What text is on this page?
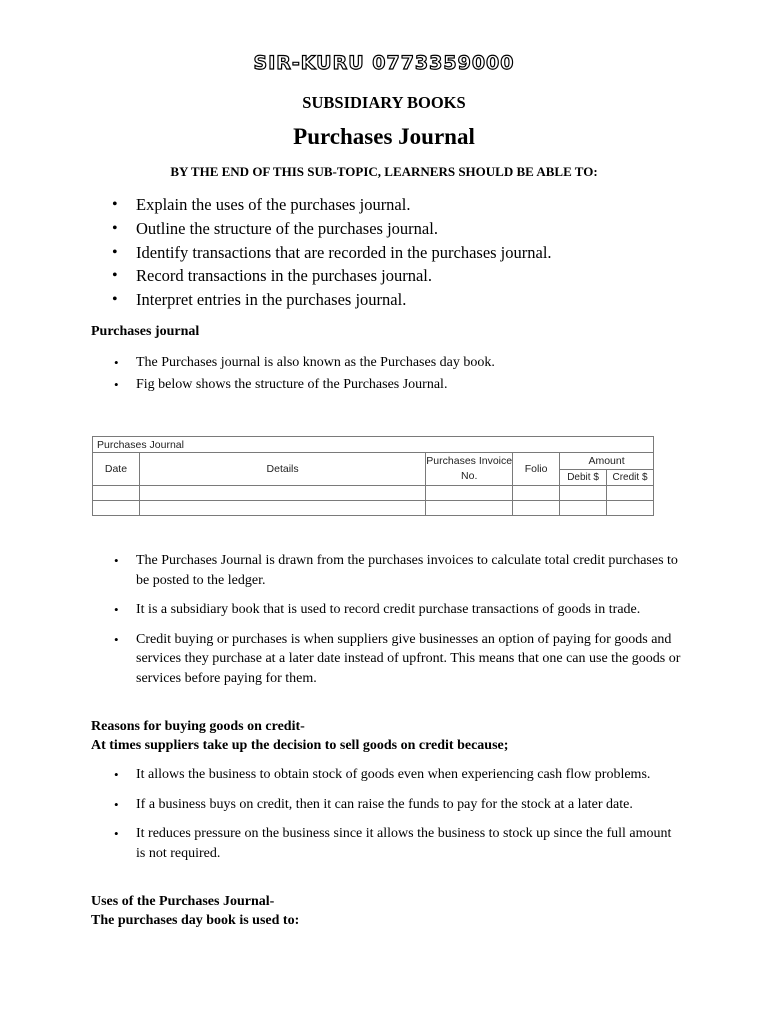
SIR-KURU 0773359000
SUBSIDIARY BOOKS
Purchases Journal
BY THE END OF THIS SUB-TOPIC, LEARNERS SHOULD BE ABLE TO:
• Explain the uses of the purchases journal.
• Outline the structure of the purchases journal.
• Identify transactions that are recorded in the purchases journal.
• Record transactions in the purchases journal.
• Interpret entries in the purchases journal.
Purchases journal
• The Purchases journal is also known as the Purchases day book.
• Fig below shows the structure of the Purchases Journal.
Purchases Journal					
Date	Details	Purchases Invoice No.	Folio	Amount	
				Debit $	Credit $

• The Purchases Journal is drawn from the purchases invoices to calculate total credit purchases to be posted to the ledger.
• It is a subsidiary book that is used to record credit purchase transactions of goods in trade.
• Credit buying or purchases is when suppliers give businesses an option of paying for goods and services they purchase at a later date instead of upfront. This means that one can use the goods or services before paying for them.
Reasons for buying goods on credit-
At times suppliers take up the decision to sell goods on credit because;
• It allows the business to obtain stock of goods even when experiencing cash flow problems.
• If a business buys on credit, then it can raise the funds to pay for the stock at a later date.
• It reduces pressure on the business since it allows the business to stock up since the full amount is not required.
Uses of the Purchases Journal-
The purchases day book is used to:
